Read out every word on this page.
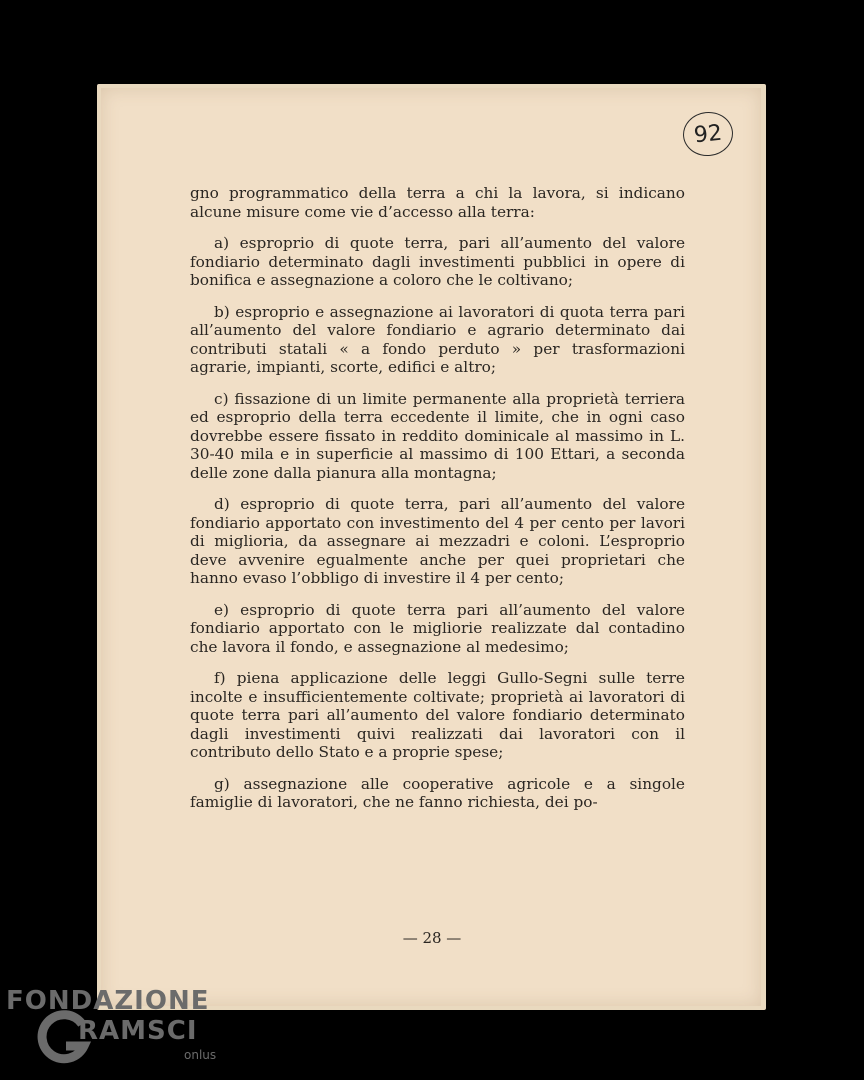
92

gno programmatico della terra a chi la lavora, si indicano alcune misure come vie d’accesso alla terra:

a) esproprio di quote terra, pari all’aumento del valore fondiario determinato dagli investimenti pubblici in opere di bonifica e assegnazione a coloro che le coltivano;

b) esproprio e assegnazione ai lavoratori di quota terra pari all’aumento del valore fondiario e agrario determinato dai contributi statali « a fondo perduto » per trasformazioni agrarie, impianti, scorte, edifici e altro;

c) fissazione di un limite permanente alla proprietà terriera ed esproprio della terra eccedente il limite, che in ogni caso dovrebbe essere fissato in reddito dominicale al massimo in L. 30-40 mila e in superficie al massimo di 100 Ettari, a seconda delle zone dalla pianura alla montagna;

d) esproprio di quote terra, pari all’aumento del valore fondiario apportato con investimento del 4 per cento per lavori di miglioria, da assegnare ai mezzadri e coloni. L’esproprio deve avvenire egualmente anche per quei proprietari che hanno evaso l’obbligo di investire il 4 per cento;

e) esproprio di quote terra pari all’aumento del valore fondiario apportato con le migliorie realizzate dal contadino che lavora il fondo, e assegnazione al medesimo;

f) piena applicazione delle leggi Gullo-Segni sulle terre incolte e insufficientemente coltivate; proprietà ai lavoratori di quote terra pari all’aumento del valore fondiario determinato dagli investimenti quivi realizzati dai lavoratori con il contributo dello Stato e a proprie spese;

g) assegnazione alle cooperative agricole e a singole famiglie di lavoratori, che ne fanno richiesta, dei po-

— 28 —
FONDAZIONE
RAMSCI
onlus
